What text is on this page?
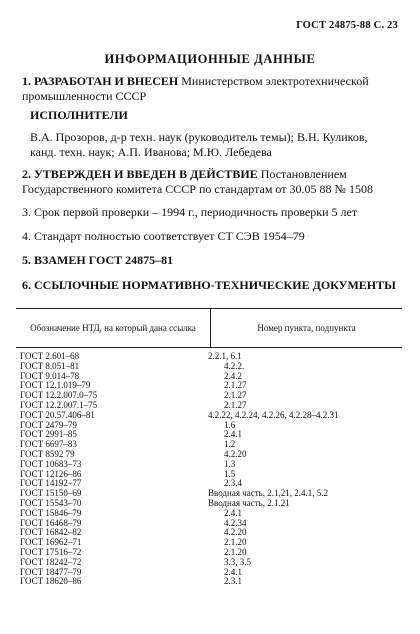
ГОСТ 24875-88 С. 23
ИНФОРМАЦИОННЫЕ ДАННЫЕ
1. РАЗРАБОТАН И ВНЕСЕН Министерством электротехнической промышленности СССР
ИСПОЛНИТЕЛИ
В.А. Прозоров, д-р техн. наук (руководитель темы); В.Н. Куликов, канд. техн. наук; А.П. Иванова; М.Ю. Лебедева
2. УТВЕРЖДЕН И ВВЕДЕН В ДЕЙСТВИЕ Постановлением Государственного комитета СССР по стандартам от 30.05 88 № 1508
3. Срок первой проверки – 1994 г., периодичность проверки 5 лет
4. Стандарт полностью соответствует СТ СЭВ 1954–79
5. ВЗАМЕН ГОСТ 24875–81
6. ССЫЛОЧНЫЕ НОРМАТИВНО-ТЕХНИЧЕСКИЕ ДОКУМЕНТЫ
Обозначение НТД, на который дана ссылка	Номер пункта, подпункта
ГОСТ 2.601–68	2.2.1, 6.1
ГОСТ 8.051–81	4.2.2.
ГОСТ 9.014–78	2.4.2
ГОСТ 12.1.019–79	2.1.27
ГОСТ 12.2.007.0–75	2.1.27
ГОСТ 12.2.007.1–75	2.1.27
ГОСТ 20.57.406–81	4.2.22, 4.2.24, 4.2.26, 4.2.28–4.2.31
ГОСТ 2479–79	1.6
ГОСТ 2991–85	2.4.1
ГОСТ 6697–83	1.2
ГОСТ 8592 79	4.2.20
ГОСТ 10683–73	1.3
ГОСТ 12126–86	1.5
ГОСТ 14192–77	2.3.4
ГОСТ 15150–69	Вводная часть, 2.1,21, 2.4.1, 5.2
ГОСТ 15543–70	Вводная часть, 2.1.21
ГОСТ 15846–79	2.4.1
ГОСТ 16468–79	4.2.34
ГОСТ 16842–82	4.2.20
ГОСТ 16962–71	2.1.20
ГОСТ 17516–72	2.1.20
ГОСТ 18242–72	3.3, 3.5
ГОСТ 18477–79	2.4.1
ГОСТ 18620–86	2.3.1
